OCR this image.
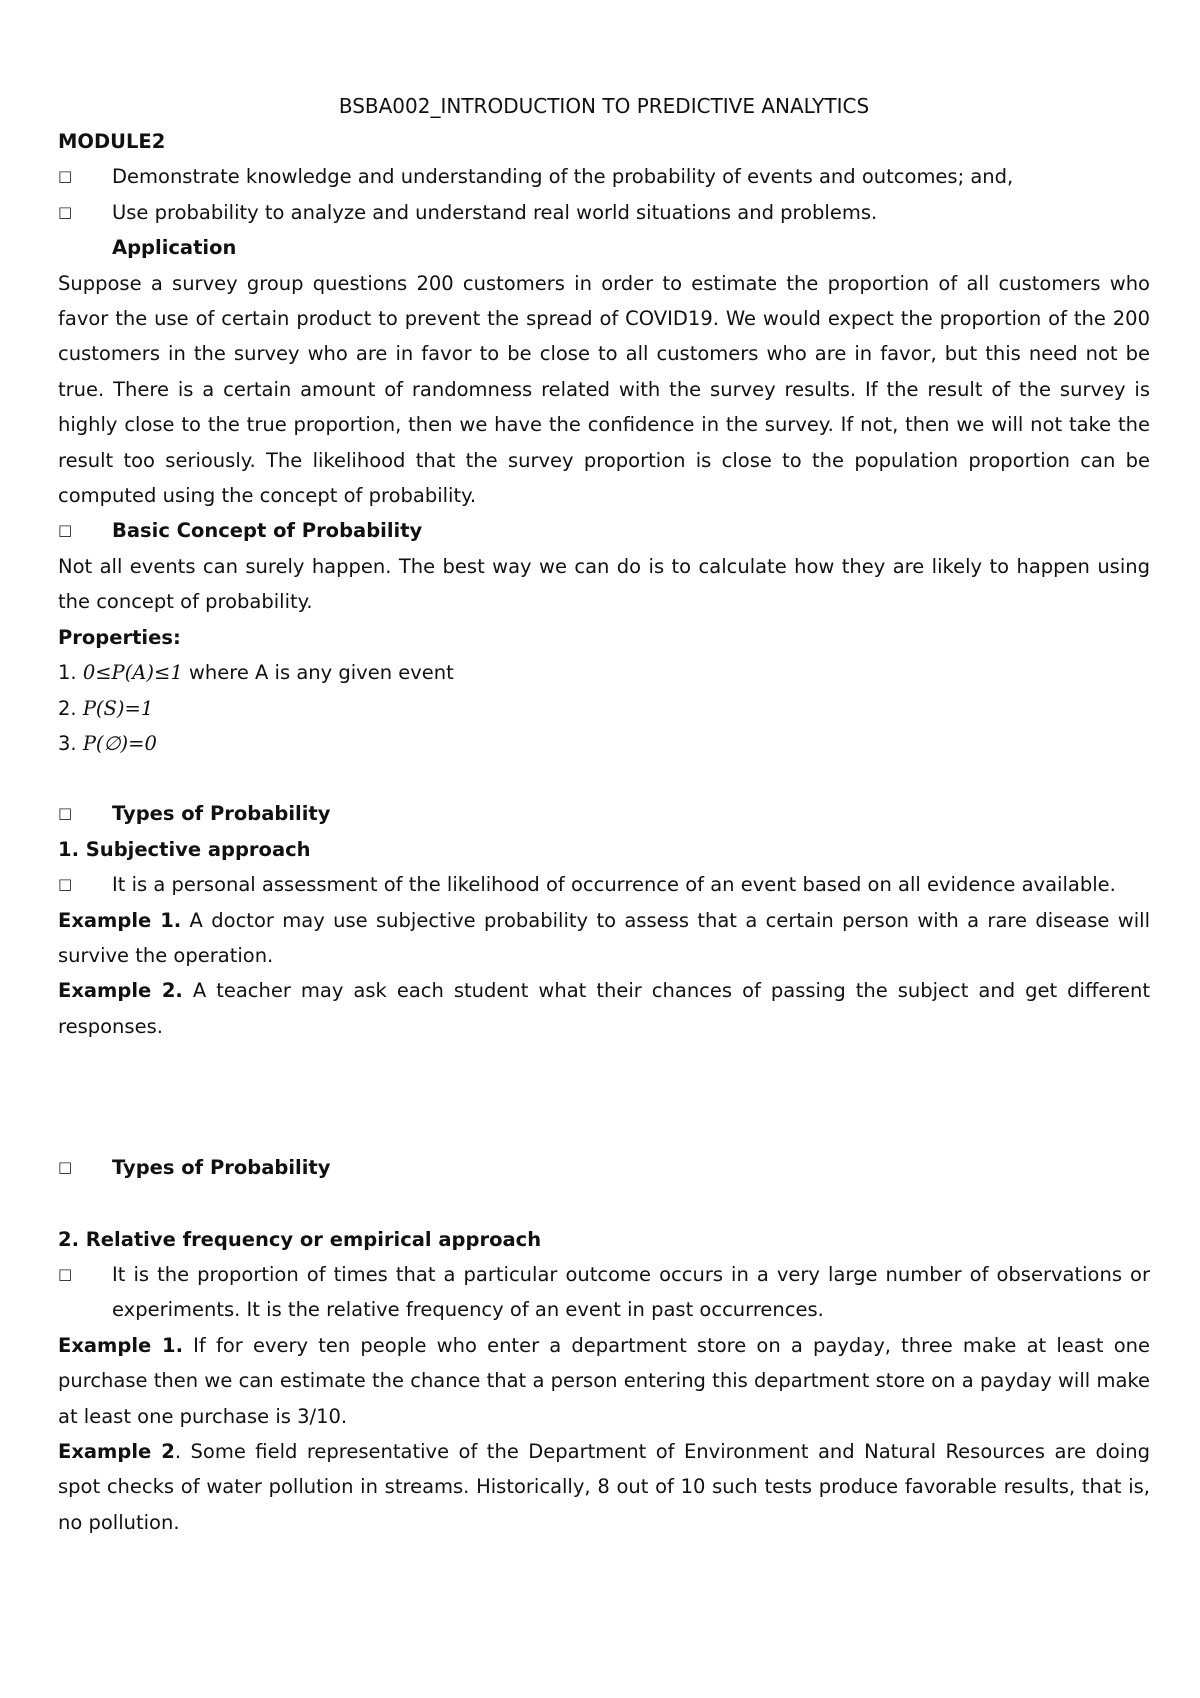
BSBA002_INTRODUCTION TO PREDICTIVE ANALYTICS

MODULE2

□	Demonstrate knowledge and understanding of the probability of events and outcomes; and,
□	Use probability to analyze and understand real world situations and problems.

Application

Suppose a survey group questions 200 customers in order to estimate the proportion of all customers who favor the use of certain product to prevent the spread of COVID19. We would expect the proportion of the 200 customers in the survey who are in favor to be close to all customers who are in favor, but this need not be true. There is a certain amount of randomness related with the survey results. If the result of the survey is highly close to the true proportion, then we have the confidence in the survey. If not, then we will not take the result too seriously. The likelihood that the survey proportion is close to the population proportion can be computed using the concept of probability.

□	Basic Concept of Probability

Not all events can surely happen. The best way we can do is to calculate how they are likely to happen using the concept of probability.

Properties:

1. 0≤P(A)≤1 where A is any given event

2. P(S)=1

3. P(∅)=0

□	Types of Probability

1. Subjective approach

□	It is a personal assessment of the likelihood of occurrence of an event based on all evidence available.

Example 1. A doctor may use subjective probability to assess that a certain person with a rare disease will survive the operation.

Example 2. A teacher may ask each student what their chances of passing the subject and get different responses.

□	Types of Probability

2. Relative frequency or empirical approach

□	It is the proportion of times that a particular outcome occurs in a very large number of observations or experiments. It is the relative frequency of an event in past occurrences.

Example 1. If for every ten people who enter a department store on a payday, three make at least one purchase then we can estimate the chance that a person entering this department store on a payday will make at least one purchase is 3/10.

Example 2. Some field representative of the Department of Environment and Natural Resources are doing spot checks of water pollution in streams. Historically, 8 out of 10 such tests produce favorable results, that is, no pollution.
